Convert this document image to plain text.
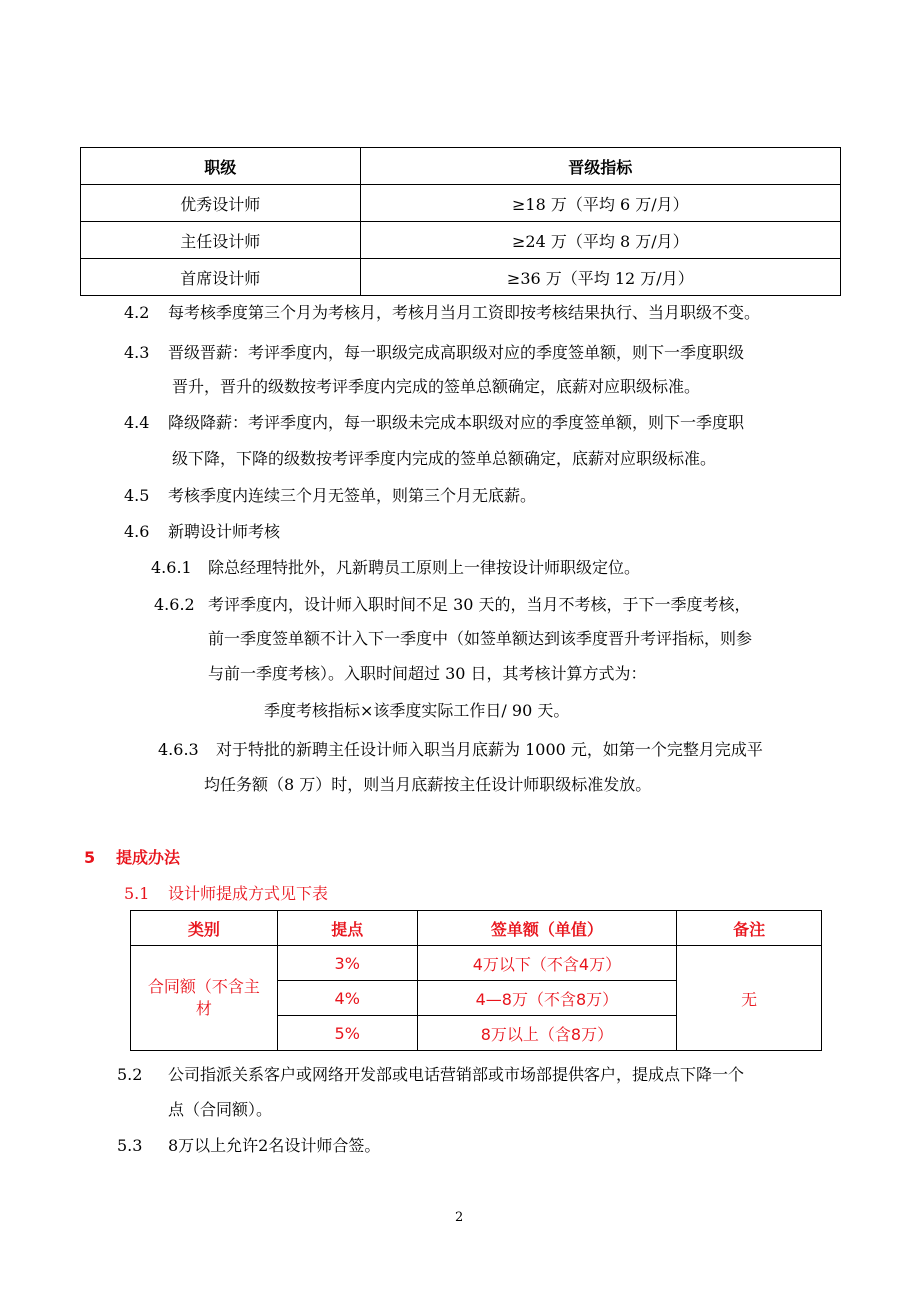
职级	晋级指标
优秀设计师	≥18 万（平均 6 万/月）
主任设计师	≥24 万（平均 8 万/月）
首席设计师	≥36 万（平均 12 万/月）
4.2 每考核季度第三个月为考核月，考核月当月工资即按考核结果执行、当月职级不变。
4.3 晋级晋薪：考评季度内，每一职级完成高职级对应的季度签单额，则下一季度职级
晋升，晋升的级数按考评季度内完成的签单总额确定，底薪对应职级标准。
4.4 降级降薪：考评季度内，每一职级未完成本职级对应的季度签单额，则下一季度职
级下降，下降的级数按考评季度内完成的签单总额确定，底薪对应职级标准。
4.5 考核季度内连续三个月无签单，则第三个月无底薪。
4.6 新聘设计师考核
4.6.1 除总经理特批外，凡新聘员工原则上一律按设计师职级定位。
4.6.2 考评季度内，设计师入职时间不足 30 天的，当月不考核，于下一季度考核，
前一季度签单额不计入下一季度中（如签单额达到该季度晋升考评指标，则参
与前一季度考核）。入职时间超过 30 日，其考核计算方式为：
季度考核指标×该季度实际工作日/ 90 天。
4.6.3 对于特批的新聘主任设计师入职当月底薪为 1000 元，如第一个完整月完成平
均任务额（8 万）时，则当月底薪按主任设计师职级标准发放。
5 提成办法
5.1 设计师提成方式见下表
类别	提点	签单额（单值）	备注
合同额（不含主
材	3%	4万以下（不含4万）	无
	4%	4—8万（不含8万）	
	5%	8万以上（含8万）	
5.2 公司指派关系客户或网络开发部或电话营销部或市场部提供客户，提成点下降一个
点（合同额）。
5.3 8万以上允许2名设计师合签。
2
